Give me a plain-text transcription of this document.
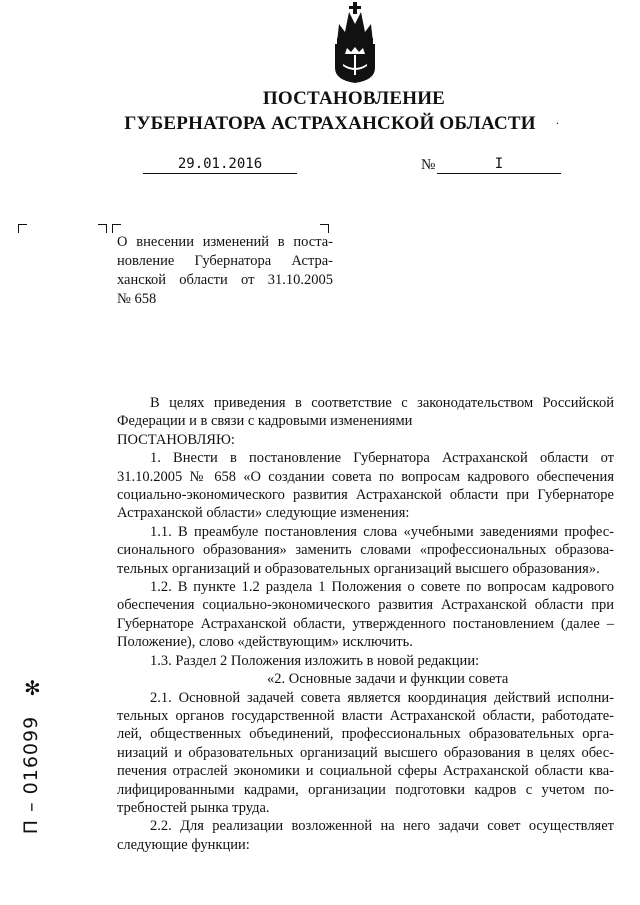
ПОСТАНОВЛЕНИЕ
ГУБЕРНАТОРА АСТРАХАНСКОЙ ОБЛАСТИ	.
29.01.2016	№	I
О внесении изменений в поста-
новление Губернатора Астра-
ханской области от 31.10.2005
№ 658
В целях приведения в соответствие с законодательством Российской
Федерации и в связи с кадровыми изменениями
ПОСТАНОВЛЯЮ:
1. Внести в постановление Губернатора Астраханской области от
31.10.2005 № 658 «О создании совета по вопросам кадрового обеспечения
социально-экономического развития Астраханской области при Губернаторе
Астраханской области» следующие изменения:
1.1. В преамбуле постановления слова «учебными заведениями профес-
сионального образования» заменить словами «профессиональных образова-
тельных организаций и образовательных организаций высшего образования».
1.2. В пункте 1.2 раздела 1 Положения о совете по вопросам кадрового
обеспечения социально-экономического развития Астраханской области при
Губернаторе Астраханской области, утвержденного постановлением (далее –
Положение), слово «действующим» исключить.
1.3. Раздел 2 Положения изложить в новой редакции:
«2. Основные задачи и функции совета
2.1. Основной задачей совета является координация действий исполни-
тельных органов государственной власти Астраханской области, работодате-
лей, общественных объединений, профессиональных образовательных орга-
низаций и образовательных организаций высшего образования в целях обес-
печения отраслей экономики и социальной сферы Астраханской области ква-
лифицированными кадрами, организации подготовки кадров с учетом по-
требностей рынка труда.
2.2. Для реализации возложенной на него задачи совет осуществляет
следующие функции:
✻
П – 016099
